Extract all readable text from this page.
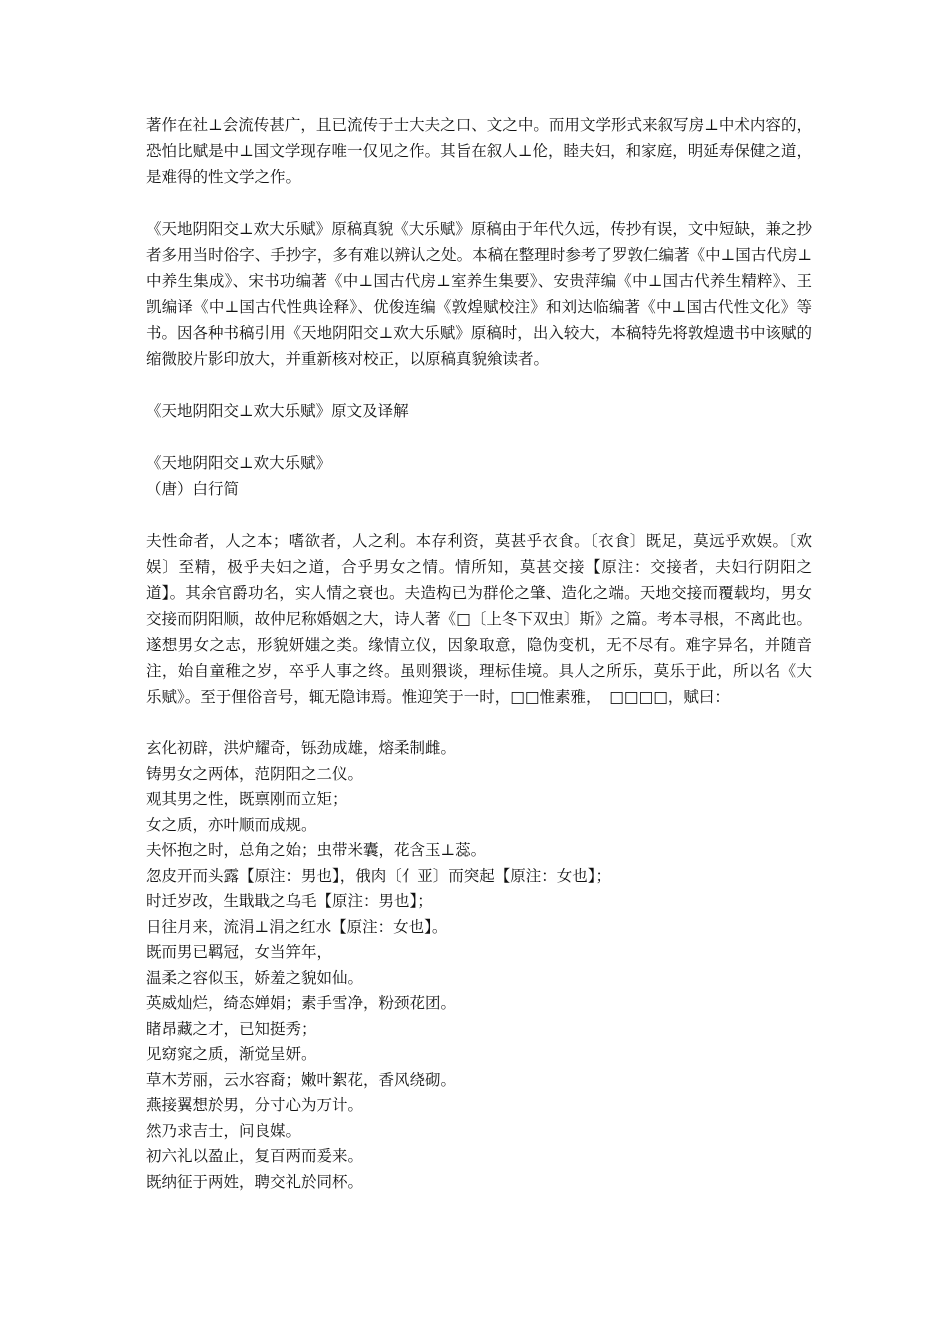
著作在社⊥会流传甚广，且已流传于士大夫之口、文之中。而用文学形式来叙写房⊥中术内容的，恐怕比赋是中⊥国文学现存唯一仅见之作。其旨在叙人⊥伦，睦夫妇，和家庭，明延寿保健之道，是难得的性文学之作。

《天地阴阳交⊥欢大乐赋》原稿真貌《大乐赋》原稿由于年代久远，传抄有误，文中短缺，兼之抄者多用当时俗字、手抄字，多有难以辨认之处。本稿在整理时参考了罗敦仁编著《中⊥国古代房⊥中养生集成》、宋书功编著《中⊥国古代房⊥室养生集要》、安贵萍编《中⊥国古代养生精粹》、王凯编译《中⊥国古代性典诠释》、优俊连编《敦煌赋校注》和刘达临编著《中⊥国古代性文化》等书。因各种书稿引用《天地阴阳交⊥欢大乐赋》原稿时，出入较大，本稿特先将敦煌遗书中该赋的缩微胶片影印放大，并重新核对校正，以原稿真貌飨读者。

《天地阴阳交⊥欢大乐赋》原文及译解

《天地阴阳交⊥欢大乐赋》

（唐）白行简

夫性命者，人之本；嗜欲者，人之利。本存利资，莫甚乎衣食。〔衣食〕既足，莫远乎欢娱。〔欢娱〕至精，极乎夫妇之道，合乎男女之情。情所知，莫甚交接【原注：交接者，夫妇行阴阳之道】。其余官爵功名，实人情之衰也。夫造构已为群伦之肇、造化之端。天地交接而覆载均，男女交接而阴阳顺，故仲尼称婚姻之大，诗人著《□〔上冬下双虫〕斯》之篇。考本寻根，不离此也。遂想男女之志，形貌妍媸之类。缘情立仪，因象取意，隐伪变机，无不尽有。难字异名，并随音注，始自童稚之岁，卒乎人事之终。虽则猥谈，理标佳境。具人之所乐，莫乐于此，所以名《大乐赋》。至于俚俗音号，辄无隐讳焉。惟迎笑于一时，□□惟素雅，　□□□□，赋曰：

玄化初辟，洪炉耀奇，铄劲成雄，熔柔制雌。

铸男女之两体，范阴阳之二仪。

观其男之性，既禀刚而立矩；

女之质，亦叶顺而成规。

夫怀抱之时，总角之始；虫带米囊，花含玉⊥蕊。

忽皮开而头露【原注：男也】，俄肉〔亻亚〕而突起【原注：女也】；

时迁岁改，生戢戢之乌毛【原注：男也】；

日往月来，流涓⊥涓之红水【原注：女也】。

既而男已羁冠，女当笄年，

温柔之容似玉，娇羞之貌如仙。

英威灿烂，绮态婵娟；素手雪净，粉颈花团。

睹昂藏之才，已知挺秀；

见窈窕之质，渐觉呈妍。

草木芳丽，云水容裔；嫩叶絮花，香风绕砌。

燕接翼想於男，分寸心为万计。

然乃求吉士，问良媒。

初六礼以盈止，复百两而爰来。

既纳征于两姓，聘交礼於同杯。
